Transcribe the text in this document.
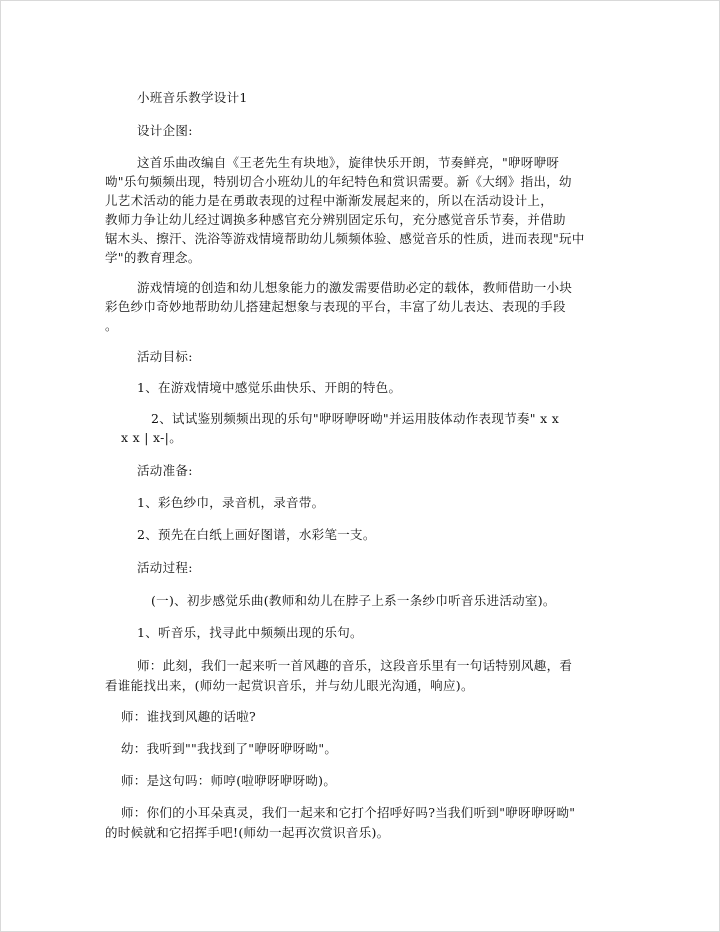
小班音乐教学设计1
设计企图:
这首乐曲改编自《王老先生有块地》，旋律快乐开朗，节奏鲜亮，"咿呀咿呀
呦"乐句频频出现，特别切合小班幼儿的年纪特色和赏识需要。新《大纲》指出，幼
儿艺术活动的能力是在勇敢表现的过程中渐渐发展起来的，所以在活动设计上，
教师力争让幼儿经过调换多种感官充分辨别固定乐句，充分感觉音乐节奏，并借助
锯木头、擦汗、洗浴等游戏情境帮助幼儿频频体验、感觉音乐的性质，进而表现"玩中
学"的教育理念。
游戏情境的创造和幼儿想象能力的激发需要借助必定的载体，教师借助一小块
彩色纱巾奇妙地帮助幼儿搭建起想象与表现的平台，丰富了幼儿表达、表现的手段
。
活动目标:
1、在游戏情境中感觉乐曲快乐、开朗的特色。
2、试试鉴别频频出现的乐句"咿呀咿呀呦"并运用肢体动作表现节奏" x x
x x | x-|。
活动准备:
1、彩色纱巾，录音机，录音带。
2、预先在白纸上画好图谱，水彩笔一支。
活动过程:
(一)、初步感觉乐曲(教师和幼儿在脖子上系一条纱巾听音乐进活动室)。
1、听音乐，找寻此中频频出现的乐句。
师：此刻，我们一起来听一首风趣的音乐，这段音乐里有一句话特别风趣，看
看谁能找出来，(师幼一起赏识音乐，并与幼儿眼光沟通，响应)。
师：谁找到风趣的话啦?
幼：我听到""我找到了"咿呀咿呀呦"。
师：是这句吗：师哼(啦咿呀咿呀呦)。
师：你们的小耳朵真灵，我们一起来和它打个招呼好吗?当我们听到"咿呀咿呀呦"
的时候就和它招挥手吧!(师幼一起再次赏识音乐)。
